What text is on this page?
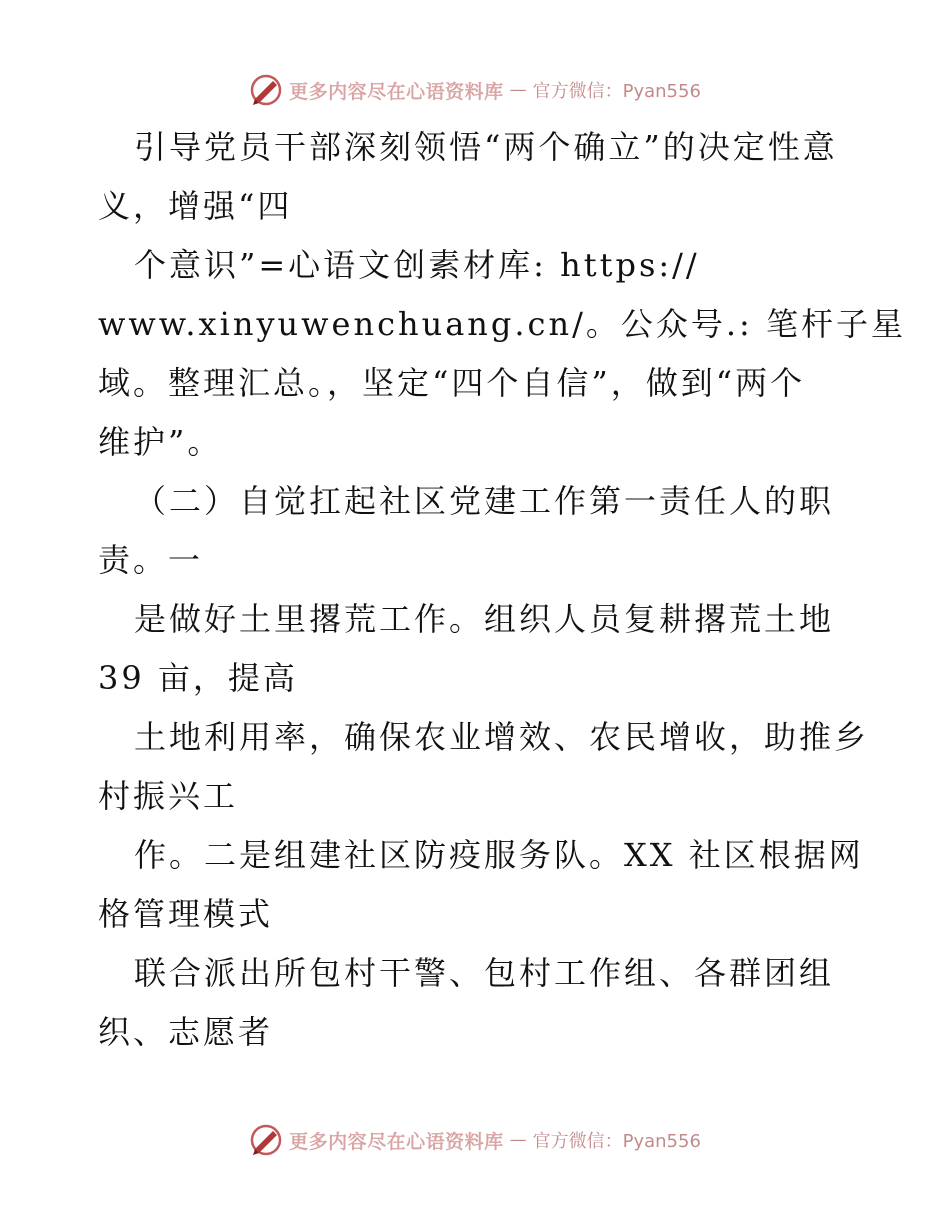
更多内容尽在心语资料库 — 官方微信：Pyan556
引导党员干部深刻领悟“两个确立”的决定性意
义，增强“四
个意识”=心语文创素材库: https://
www.xinyuwenchuang.cn/。公众号.: 笔杆子星
域。整理汇总。，坚定“四个自信”，做到“两个
维护”。
（二）自觉扛起社区党建工作第一责任人的职
责。一
是做好土里撂荒工作。组织人员复耕撂荒土地
39 亩，提高
土地利用率，确保农业增效、农民增收，助推乡
村振兴工
作。二是组建社区防疫服务队。XX 社区根据网
格管理模式
联合派出所包村干警、包村工作组、各群团组
织、志愿者
更多内容尽在心语资料库 — 官方微信：Pyan556
